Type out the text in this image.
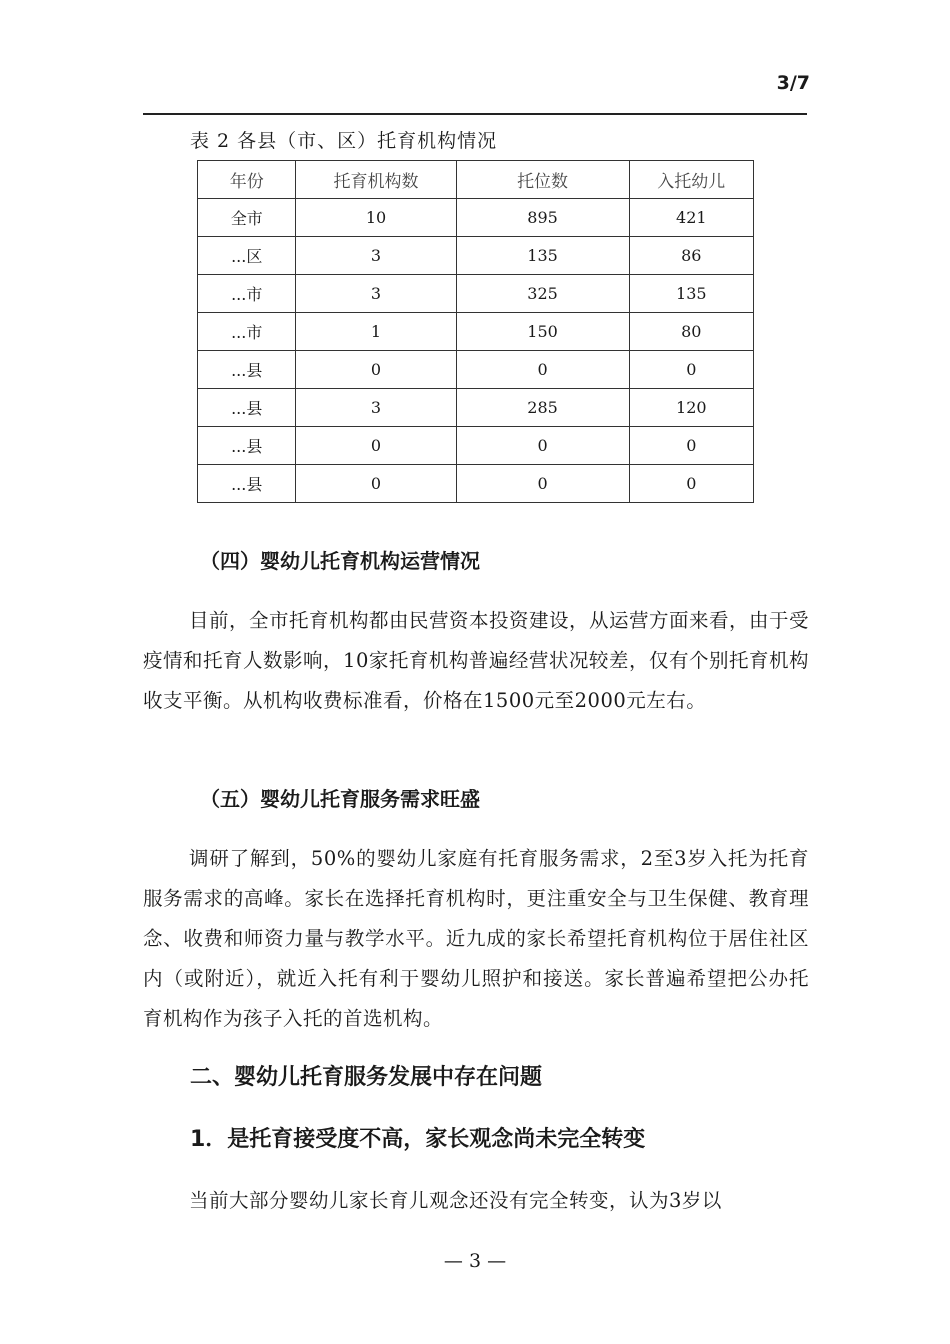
3/7
表 2 各县（市、区）托育机构情况
年份	托育机构数	托位数	入托幼儿
全市	10	895	421
...区	3	135	86
...市	3	325	135
...市	1	150	80
...县	0	0	0
...县	3	285	120
...县	0	0	0
...县	0	0	0
（四）婴幼儿托育机构运营情况
目前，全市托育机构都由民营资本投资建设，从运营方面来看，由于受疫情和托育人数影响，10家托育机构普遍经营状况较差，仅有个别托育机构收支平衡。从机构收费标准看，价格在1500元至2000元左右。
（五）婴幼儿托育服务需求旺盛
调研了解到，50%的婴幼儿家庭有托育服务需求，2至3岁入托为托育服务需求的高峰。家长在选择托育机构时，更注重安全与卫生保健、教育理念、收费和师资力量与教学水平。近九成的家长希望托育机构位于居住社区内（或附近），就近入托有利于婴幼儿照护和接送。家长普遍希望把公办托育机构作为孩子入托的首选机构。
二、婴幼儿托育服务发展中存在问题
1．是托育接受度不高，家长观念尚未完全转变
当前大部分婴幼儿家长育儿观念还没有完全转变，认为3岁以
— 3 —
